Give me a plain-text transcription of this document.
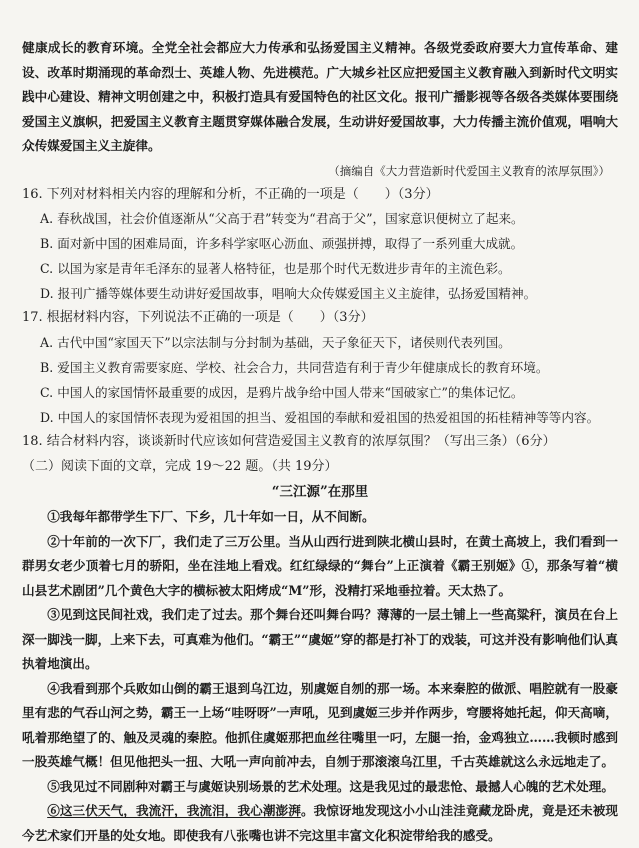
健康成长的教育环境。全党全社会都应大力传承和弘扬爱国主义精神。各级党委政府要大力宣传革命、建设、改革时期涌现的革命烈士、英雄人物、先进模范。广大城乡社区应把爱国主义教育融入到新时代文明实践中心建设、精神文明创建之中，积极打造具有爱国特色的社区文化。报刊广播影视等各级各类媒体要围绕爱国主义旗帜，把爱国主义教育主题贯穿媒体融合发展，生动讲好爱国故事，大力传播主流价值观，唱响大众传媒爱国主义主旋律。

（摘编自《大力营造新时代爱国主义教育的浓厚氛围》）

16. 下列对材料相关内容的理解和分析，不正确的一项是（　　）（3分）

A. 春秋战国，社会价值逐渐从“父高于君”转变为“君高于父”，国家意识便树立了起来。

B. 面对新中国的困难局面，许多科学家呕心沥血、顽强拼搏，取得了一系列重大成就。

C. 以国为家是青年毛泽东的显著人格特征，也是那个时代无数进步青年的主流色彩。

D. 报刊广播等媒体要生动讲好爱国故事，唱响大众传媒爱国主义主旋律，弘扬爱国精神。

17. 根据材料内容，下列说法不正确的一项是（　　）（3分）

A. 古代中国“家国天下”以宗法制与分封制为基础，天子象征天下，诸侯则代表列国。

B. 爱国主义教育需要家庭、学校、社会合力，共同营造有利于青少年健康成长的教育环境。

C. 中国人的家国情怀最重要的成因，是鸦片战争给中国人带来“国破家亡”的集体记忆。

D. 中国人的家国情怀表现为爱祖国的担当、爱祖国的奉献和爱祖国的热爱祖国的拓桂精神等等内容。

18. 结合材料内容，谈谈新时代应该如何营造爱国主义教育的浓厚氛围？（写出三条）（6分）

（二）阅读下面的文章，完成 19～22 题。（共 19分）

“三江源”在那里

①我每年都带学生下厂、下乡，几十年如一日，从不间断。

②十年前的一次下厂，我们走了三万公里。当从山西行进到陕北横山县时，在黄土高坡上，我们看到一群男女老少顶着七月的骄阳，坐在洼地上看戏。红红绿绿的“舞台”上正演着《霸王别姬》①，那条写着“横山县艺术剧团”几个黄色大字的横标被太阳烤成“M”形，没精打采地垂拉着。天太热了。

③见到这民间社戏，我们走了过去。那个舞台还叫舞台吗？薄薄的一层土铺上一些高粱秆，演员在台上深一脚浅一脚，上来下去，可真难为他们。“霸王”“虞姬”穿的都是打补丁的戏装，可这并没有影响他们认真执着地演出。

④我看到那个兵败如山倒的霸王退到乌江边，别虞姬自刎的那一场。本来秦腔的做派、唱腔就有一股豪里有悲的气吞山河之势，霸王一上场“哇呀呀”一声吼，见到虞姬三步并作两步，穹腰将她托起，仰天高嘀，吼着那绝望了的、触及灵魂的秦腔。他抓住虞姬那把血丝往嘴里一叼，左腿一抬，金鸡独立……我顿时感到一股英雄气概！但见他把头一扭、大吼一声向前冲去，自刎于那滚滚乌江里，千古英雄就这么永远地走了。

⑤我见过不同剧种对霸王与虞姬诀别场景的艺术处理。这是我见过的最悲怆、最撼人心魄的艺术处理。

⑥这三伏天气，我流汗，我流泪，我心潮澎湃。我惊讶地发现这小小山洼洼竟藏龙卧虎，竟是还未被现今艺术家们开垦的处女地。即使我有八张嘴也讲不完这里丰富文化积淀带给我的感受。
